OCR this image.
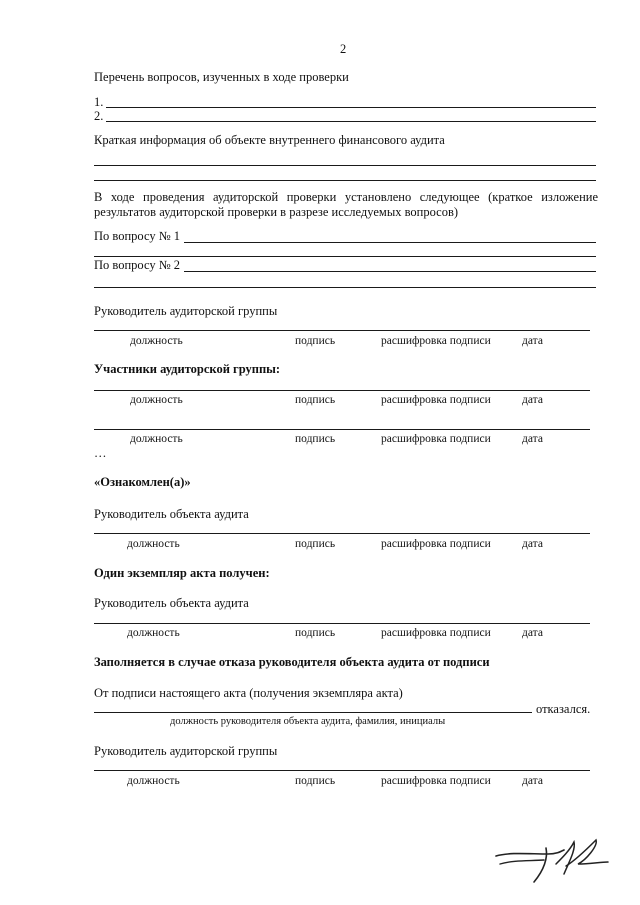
2
Перечень вопросов, изученных в ходе проверки
1.
2.
Краткая информация об объекте внутреннего финансового аудита
В ходе проведения аудиторской проверки установлено следующее (краткое изложение результатов аудиторской проверки в разрезе исследуемых вопросов)
По вопросу № 1
По вопросу № 2
Руководитель аудиторской группы
должность	подпись	расшифровка подписи	дата
Участники аудиторской группы:
должность	подпись	расшифровка подписи	дата
должность	подпись	расшифровка подписи	дата
…
«Ознакомлен(а)»
Руководитель объекта аудита
должность	подпись	расшифровка подписи	дата
Один экземпляр акта получен:
Руководитель объекта аудита
должность	подпись	расшифровка подписи	дата
Заполняется в случае отказа руководителя объекта аудита от подписи
От подписи настоящего акта (получения экземпляра акта)
отказался.
должность руководителя объекта аудита, фамилия, инициалы
Руководитель аудиторской группы
должность	подпись	расшифровка подписи	дата
